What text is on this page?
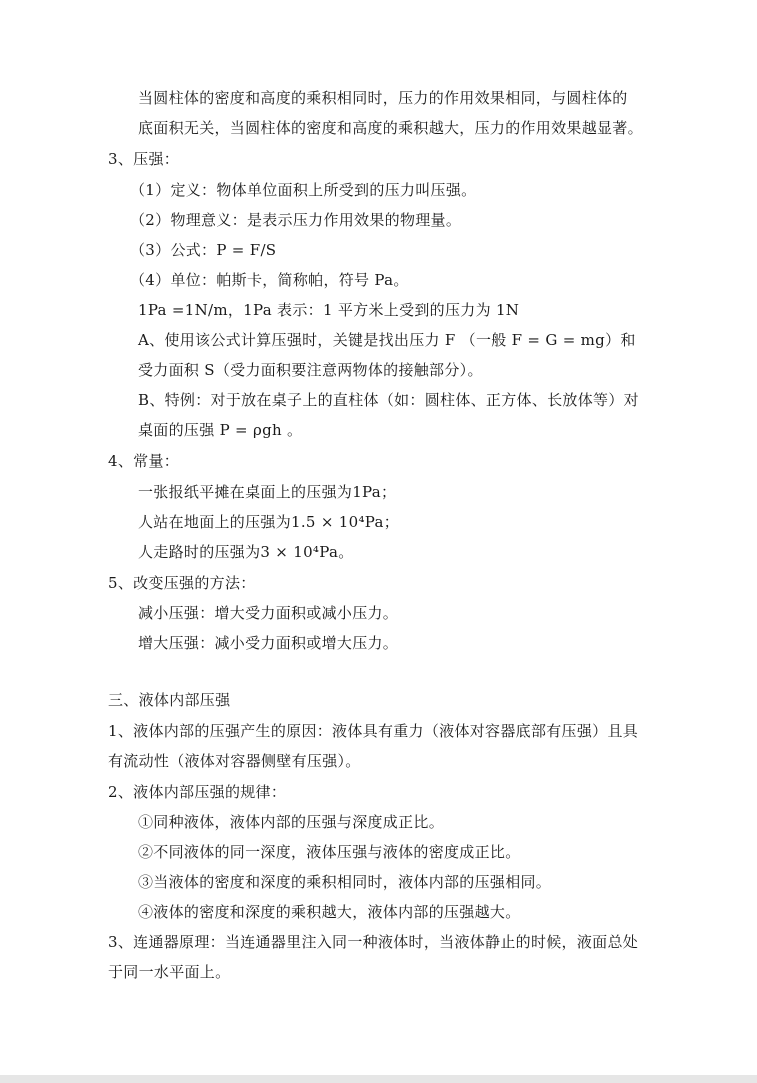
当圆柱体的密度和高度的乘积相同时，压力的作用效果相同，与圆柱体的

底面积无关，当圆柱体的密度和高度的乘积越大，压力的作用效果越显著。

3、压强：

（1）定义：物体单位面积上所受到的压力叫压强。

（2）物理意义：是表示压力作用效果的物理量。

（3）公式：P = F/S

（4）单位：帕斯卡，简称帕，符号 Pa。

1Pa =1N/m，1Pa 表示：1 平方米上受到的压力为 1N

A、使用该公式计算压强时，关键是找出压力 F （一般 F = G = mg）和

受力面积 S（受力面积要注意两物体的接触部分）。

B、特例：对于放在桌子上的直柱体（如：圆柱体、正方体、长放体等）对

桌面的压强 P = ρgh 。

4、常量：

一张报纸平摊在桌面上的压强为1Pa；

人站在地面上的压强为1.5 × 10⁴Pa；

人走路时的压强为3 × 10⁴Pa。

5、改变压强的方法：

减小压强：增大受力面积或减小压力。

增大压强：减小受力面积或增大压力。

三、液体内部压强

1、液体内部的压强产生的原因：液体具有重力（液体对容器底部有压强）且具

有流动性（液体对容器侧壁有压强）。

2、液体内部压强的规律：

①同种液体，液体内部的压强与深度成正比。

②不同液体的同一深度，液体压强与液体的密度成正比。

③当液体的密度和深度的乘积相同时，液体内部的压强相同。

④液体的密度和深度的乘积越大，液体内部的压强越大。

3、连通器原理：当连通器里注入同一种液体时，当液体静止的时候，液面总处

于同一水平面上。
